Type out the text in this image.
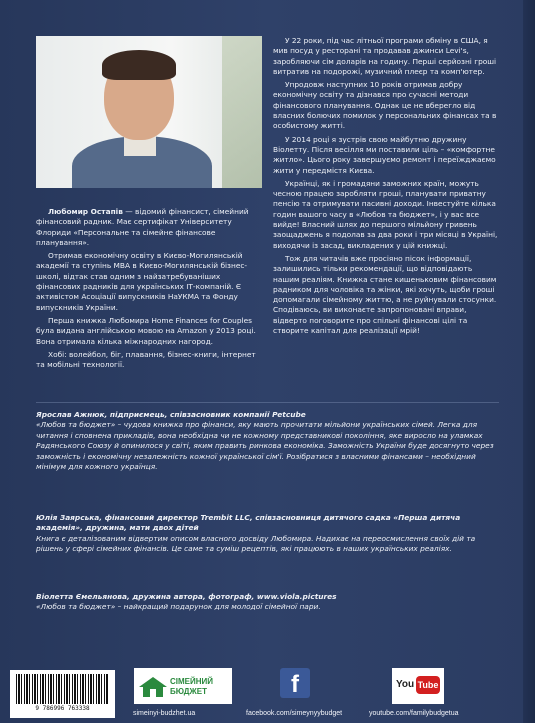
Любомир Остапів — відомий фінансист, сімейний фінансовий радник. Має сертифікат Університету Флориди «Персональне та сімейне фінансове планування».

Отримав економічну освіту в Києво-Могилянській академії та ступінь МВА в Києво-Могилянській бізнес-школі, відтак став одним з найзатребуваніших фінансових радників для українських ІТ-компаній. Є активістом Асоціації випускників НаУКМА та Фонду випускників України.

Перша книжка Любомира Home Finances for Couples була видана англійською мовою на Amazon у 2013 році. Вона отримала кілька міжнародних нагород.

Хобі: волейбол, біг, плавання, бізнес-книги, інтернет та мобільні технології.

У 22 роки, під час літньої програми обміну в США, я мив посуд у ресторані та продавав джинси Levi's, заробляючи сім доларів на годину. Перші серйозні гроші витратив на подорожі, музичний плеєр та комп'ютер.

Упродовж наступних 10 років отримав добру економічну освіту та дізнався про сучасні методи фінансового планування. Однак це не вберегло від власних болючих помилок у персональних фінансах та в особистому житті.

У 2014 році я зустрів свою майбутню дружину Віолетту. Після весілля ми поставили ціль – «комфортне житло». Цього року завершуємо ремонт і переїжджаємо жити у передмістя Києва.

Українці, як і громадяни заможних країн, можуть чесною працею заробляти гроші, планувати приватну пенсію та отримувати пасивні доходи. Інвестуйте кілька годин вашого часу в «Любов та бюджет», і у вас все вийде! Власний шлях до першого мільйону гривень заощаджень я подолав за два роки і три місяці в Україні, виходячи із засад, викладених у цій книжці.

Тож для читачів вже просіяно пісок інформації, залишились тільки рекомендації, що відповідають нашим реаліям. Книжка стане кишеньковим фінансовим радником для чоловіка та жінки, які хочуть, щоби гроші допомагали сімейному життю, а не руйнували стосунки. Сподіваюсь, ви виконаєте запропоновані вправи, відверто поговорите про спільні фінансові цілі та створите капітал для реалізації мрій!

Ярослав Ажнюк, підприємець, співзасновник компанії Petcube
«Любов та бюджет» – чудова книжка про фінанси, яку мають прочитати мільйони українських сімей. Легка для читання і сповнена прикладів, вона необхідна чи не кожному представникові покоління, яке виросло на уламках Радянського Союзу й опинилося у світі, яким править ринкова економіка. Заможність України буде досягнуто через заможність і економічну незалежність кожної української сім'ї. Розібратися з власними фінансами – необхідний мінімум для кожного українця.
Юлія Заярська, фінансовий директор Trembit LLC, співзасновниця дитячого садка «Перша дитяча академія», дружина, мати двох дітей
Книга є деталізованим відвертим описом власного досвіду Любомира. Надихає на переосмислення своїх дій та рішень у сфері сімейних фінансів. Це саме та суміш рецептів, які працюють в наших українських реаліях.
Віолетта Ємельянова, дружина автора, фотограф, www.viola.pictures
«Любов та бюджет» – найкращий подарунок для молодої сімейної пари.
9 786996 763338
СІМЕЙНИЙ
БЮДЖЕТ	f	You Tube
simeinyi-budzhet.ua	facebook.com/simeynyybudget	youtube.com/familybudgetua
